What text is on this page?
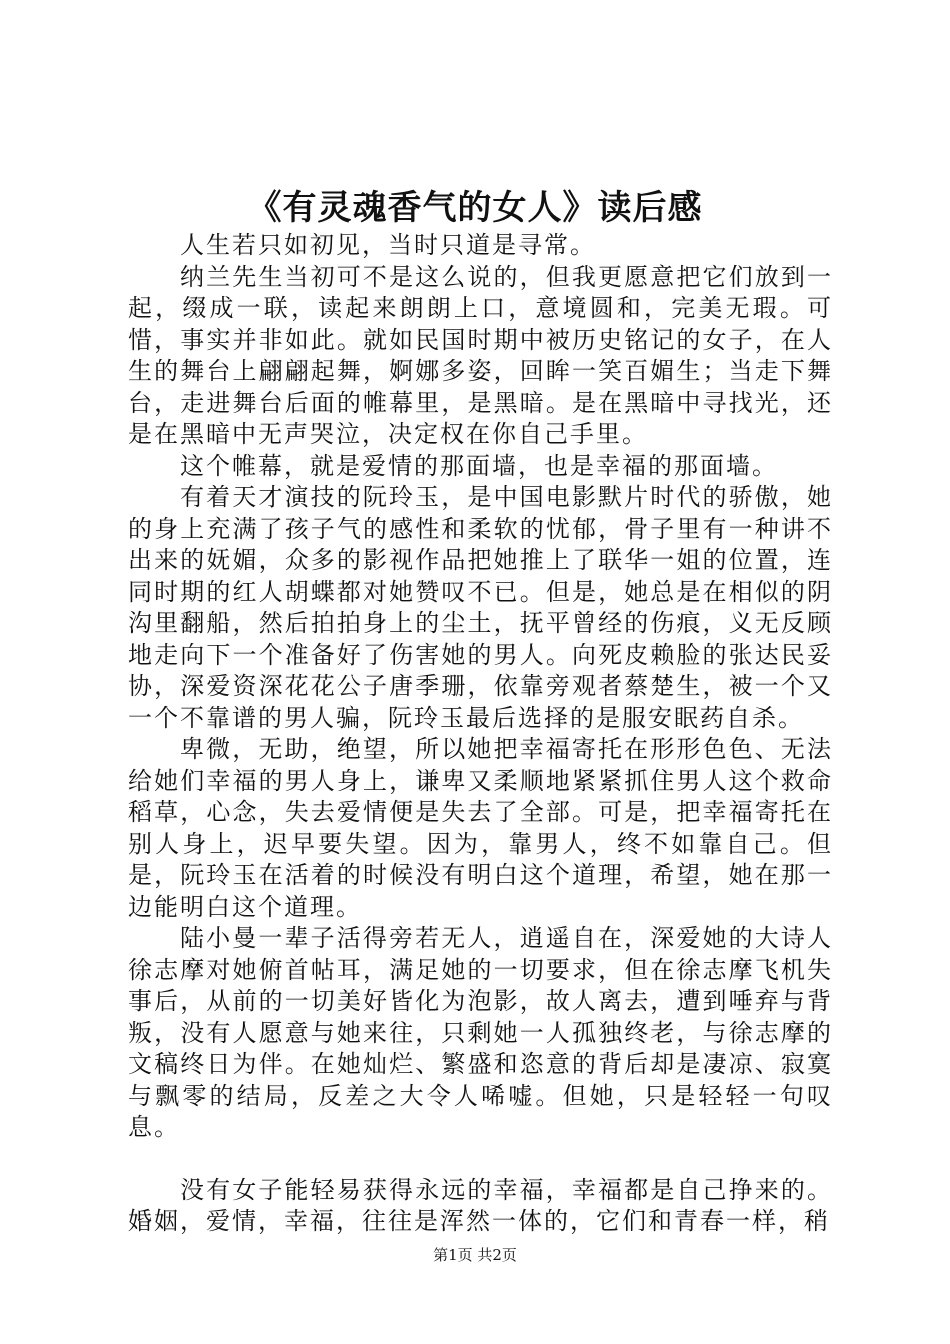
《有灵魂香气的女人》读后感

人生若只如初见，当时只道是寻常。

纳兰先生当初可不是这么说的，但我更愿意把它们放到一起，缀成一联，读起来朗朗上口，意境圆和，完美无瑕。可惜，事实并非如此。就如民国时期中被历史铭记的女子，在人生的舞台上翩翩起舞，婀娜多姿，回眸一笑百媚生；当走下舞台，走进舞台后面的帷幕里，是黑暗。是在黑暗中寻找光，还是在黑暗中无声哭泣，决定权在你自己手里。

这个帷幕，就是爱情的那面墙，也是幸福的那面墙。

有着天才演技的阮玲玉，是中国电影默片时代的骄傲，她的身上充满了孩子气的感性和柔软的忧郁，骨子里有一种讲不出来的妩媚，众多的影视作品把她推上了联华一姐的位置，连同时期的红人胡蝶都对她赞叹不已。但是，她总是在相似的阴沟里翻船，然后拍拍身上的尘土，抚平曾经的伤痕，义无反顾地走向下一个准备好了伤害她的男人。向死皮赖脸的张达民妥协，深爱资深花花公子唐季珊，依靠旁观者蔡楚生，被一个又一个不靠谱的男人骗，阮玲玉最后选择的是服安眠药自杀。

卑微，无助，绝望，所以她把幸福寄托在形形色色、无法给她们幸福的男人身上，谦卑又柔顺地紧紧抓住男人这个救命稻草，心念，失去爱情便是失去了全部。可是，把幸福寄托在别人身上，迟早要失望。因为，靠男人，终不如靠自己。但是，阮玲玉在活着的时候没有明白这个道理，希望，她在那一边能明白这个道理。

陆小曼一辈子活得旁若无人，逍遥自在，深爱她的大诗人徐志摩对她俯首帖耳，满足她的一切要求，但在徐志摩飞机失事后，从前的一切美好皆化为泡影，故人离去，遭到唾弃与背叛，没有人愿意与她来往，只剩她一人孤独终老，与徐志摩的文稿终日为伴。在她灿烂、繁盛和恣意的背后却是凄凉、寂寞与飘零的结局，反差之大令人唏嘘。但她，只是轻轻一句叹息。

没有女子能轻易获得永远的幸福，幸福都是自己挣来的。婚姻，爱情，幸福，往往是浑然一体的，它们和青春一样，稍

第1页 共2页
